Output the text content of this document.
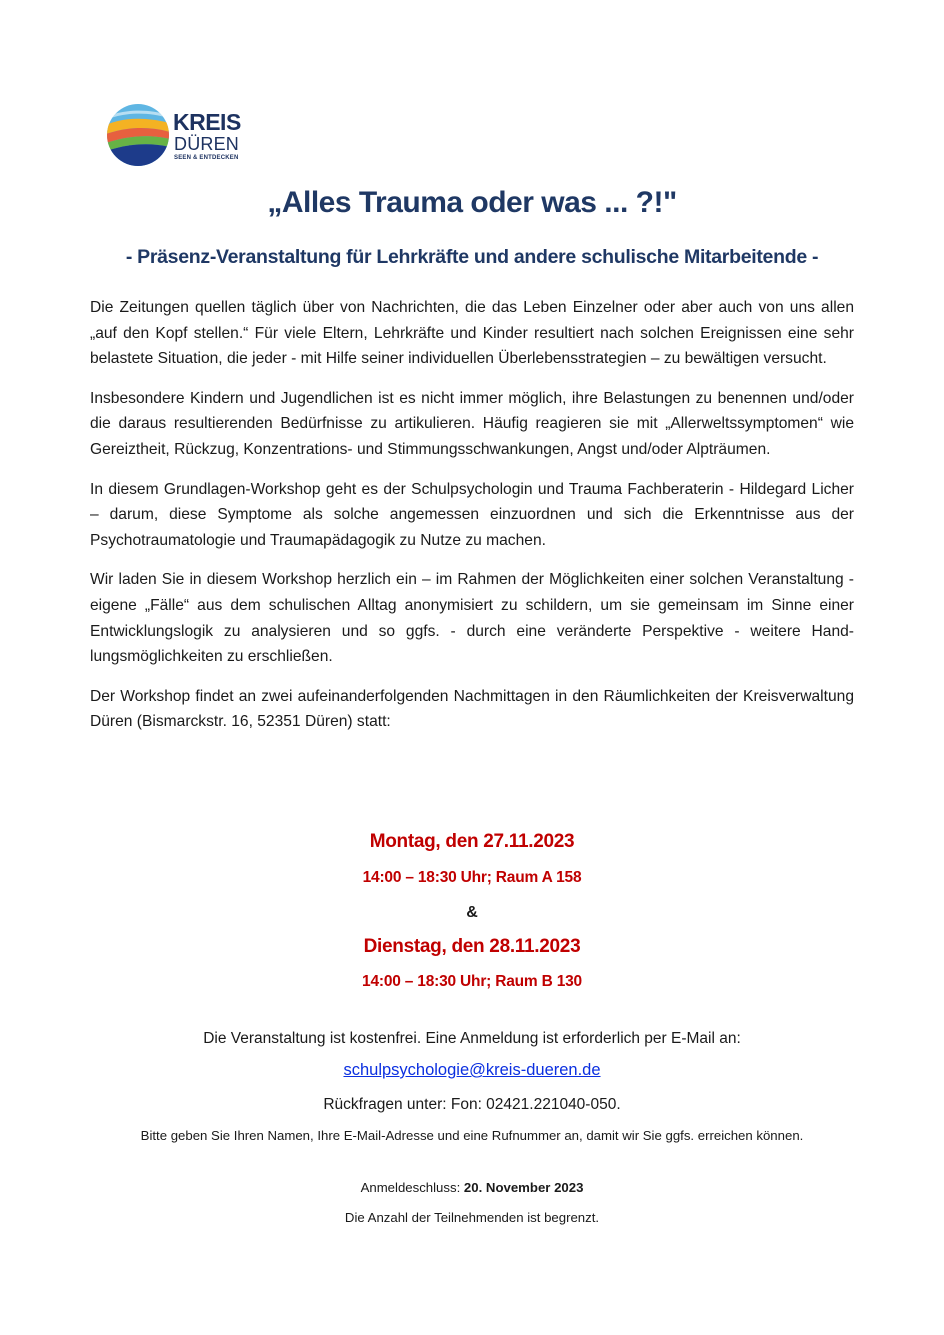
KREIS
DÜREN
SEEN & ENTDECKEN
„Alles Trauma oder was ... ?!"
- Präsenz-Veranstaltung für Lehrkräfte und andere schulische Mitarbeitende -

Die Zeitungen quellen täglich über von Nachrichten, die das Leben Einzelner oder aber auch von uns allen „auf den Kopf stellen.“ Für viele Eltern, Lehrkräfte und Kinder resultiert nach solchen Ereignissen eine sehr belastete Situation, die jeder - mit Hilfe seiner individuellen Überlebensstrategien – zu bewältigen versucht.

Insbesondere Kindern und Jugendlichen ist es nicht immer möglich, ihre Belastungen zu benennen und/oder die daraus resultierenden Bedürfnisse zu artikulieren. Häufig reagieren sie mit „Allerweltssymptomen“ wie Gereiztheit, Rückzug, Konzentrations- und Stimmungsschwankungen, Angst und/oder Alpträumen.

In diesem Grundlagen-Workshop geht es der Schulpsychologin und Trauma Fachberaterin - Hildegard Licher – darum, diese Symptome als solche angemessen einzuordnen und sich die Erkenntnisse aus der Psychotraumatologie und Traumapädagogik zu Nutze zu machen.

Wir laden Sie in diesem Workshop herzlich ein – im Rahmen der Möglichkeiten einer solchen Veranstaltung - eigene „Fälle“ aus dem schulischen Alltag anonymisiert zu schildern, um sie gemeinsam im Sinne einer Entwicklungslogik zu analysieren und so ggfs. - durch eine veränderte Perspektive - weitere Handlungsmöglichkeiten zu erschließen.

Der Workshop findet an zwei aufeinanderfolgenden Nachmittagen in den Räumlichkeiten der Kreisverwaltung Düren (Bismarckstr. 16, 52351 Düren) statt:

Montag, den 27.11.2023
14:00 – 18:30 Uhr; Raum A 158
&
Dienstag, den 28.11.2023
14:00 – 18:30 Uhr; Raum B 130
Die Veranstaltung ist kostenfrei. Eine Anmeldung ist erforderlich per E-Mail an:
schulpsychologie@kreis-dueren.de
Rückfragen unter: Fon: 02421.221040-050.
Bitte geben Sie Ihren Namen, Ihre E-Mail-Adresse und eine Rufnummer an, damit wir Sie ggfs. erreichen können.
Anmeldeschluss: 20. November 2023
Die Anzahl der Teilnehmenden ist begrenzt.
